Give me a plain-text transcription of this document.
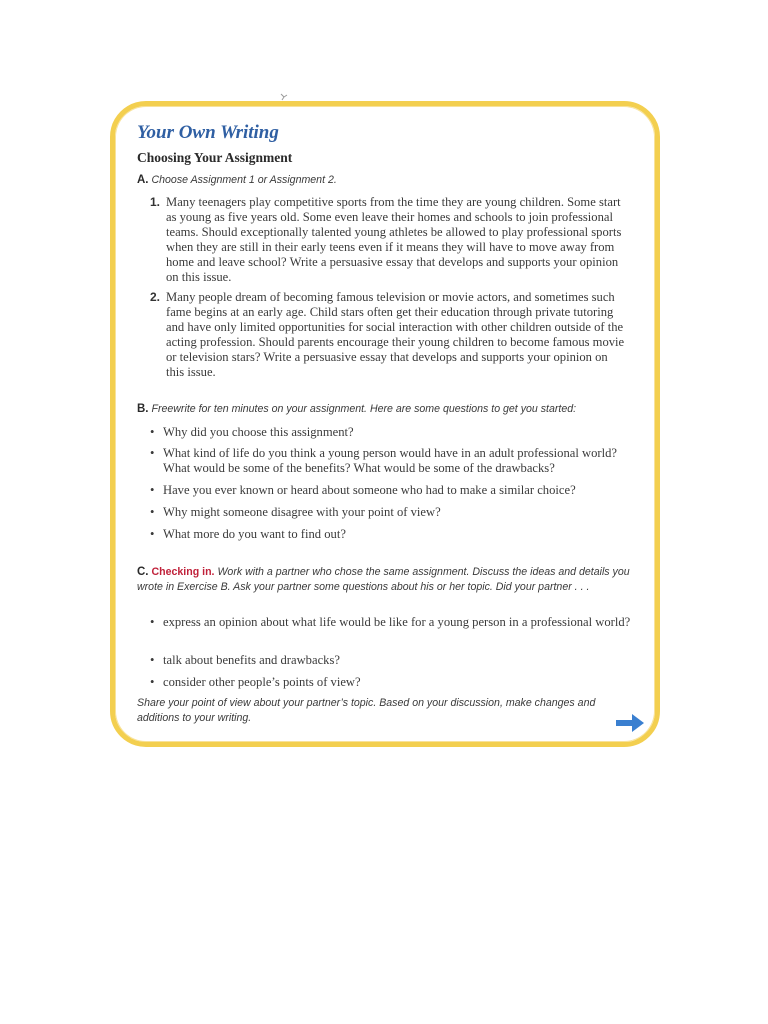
Your Own Writing
Choosing Your Assignment
A. Choose Assignment 1 or Assignment 2.
1. Many teenagers play competitive sports from the time they are young children. Some start as young as five years old. Some even leave their homes and schools to join professional teams. Should exceptionally talented young athletes be allowed to play professional sports when they are still in their early teens even if it means they will have to move away from home and leave school? Write a persuasive essay that develops and supports your opinion on this issue.
2. Many people dream of becoming famous television or movie actors, and sometimes such fame begins at an early age. Child stars often get their education through private tutoring and have only limited opportunities for social interaction with other children outside of the acting profession. Should parents encourage their young children to become famous movie or television stars? Write a persuasive essay that develops and supports your opinion on this issue.
B. Freewrite for ten minutes on your assignment. Here are some questions to get you started:
• Why did you choose this assignment?
• What kind of life do you think a young person would have in an adult professional world? What would be some of the benefits? What would be some of the drawbacks?
• Have you ever known or heard about someone who had to make a similar choice?
• Why might someone disagree with your point of view?
• What more do you want to find out?
C. Checking in. Work with a partner who chose the same assignment. Discuss the ideas and details you wrote in Exercise B. Ask your partner some questions about his or her topic. Did your partner . . .
• express an opinion about what life would be like for a young person in a professional world?
• talk about benefits and drawbacks?
• consider other people’s points of view?
Share your point of view about your partner’s topic. Based on your discussion, make changes and additions to your writing.
